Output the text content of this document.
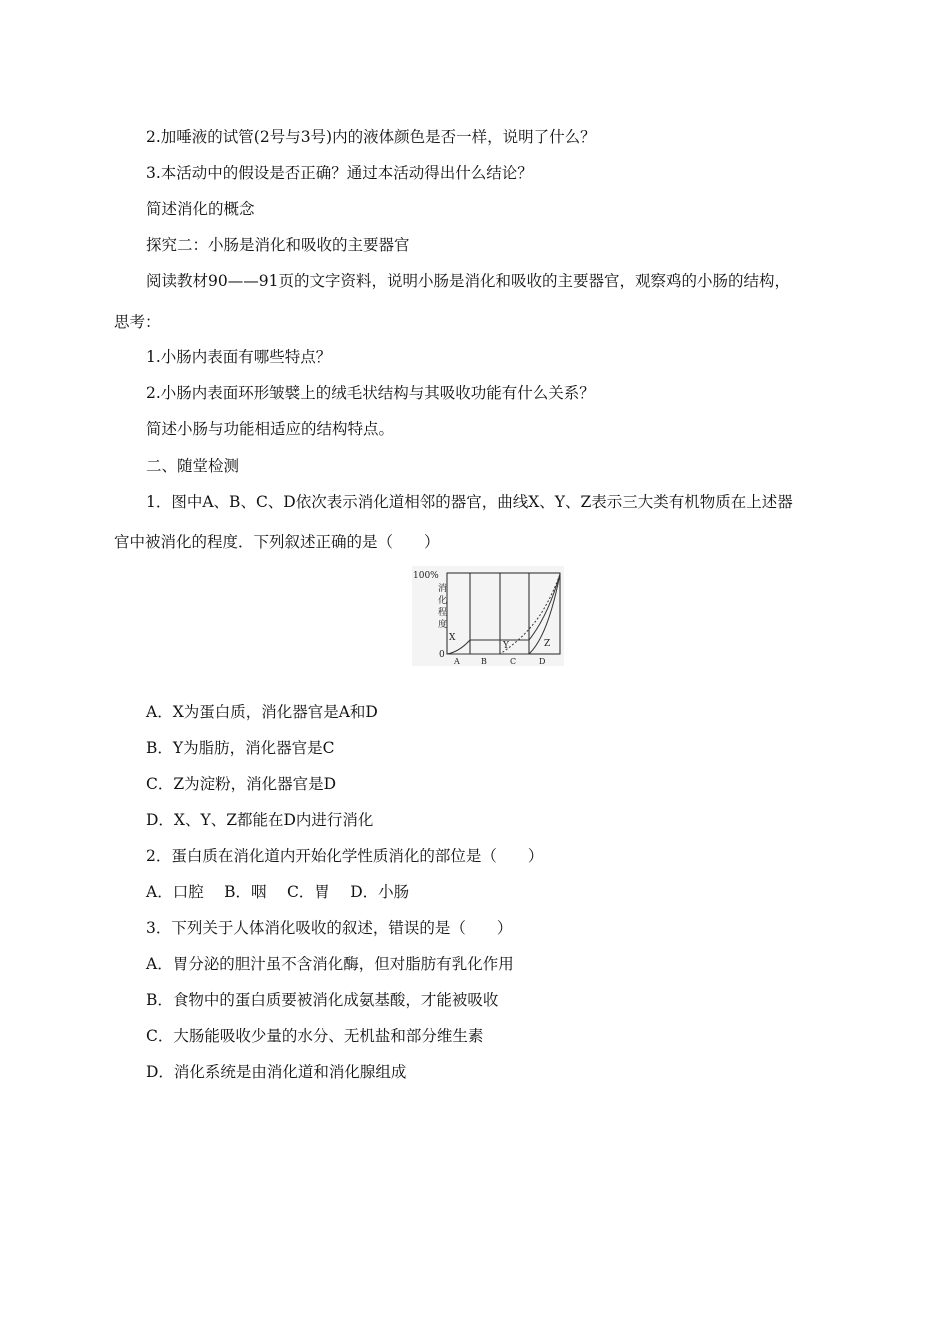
2.加唾液的试管(2号与3号)内的液体颜色是否一样，说明了什么？
3.本活动中的假设是否正确？通过本活动得出什么结论？
简述消化的概念
探究二：小肠是消化和吸收的主要器官
阅读教材90——91页的文字资料，说明小肠是消化和吸收的主要器官，观察鸡的小肠的结构，
思考：
1.小肠内表面有哪些特点？
2.小肠内表面环形皱襞上的绒毛状结构与其吸收功能有什么关系？
简述小肠与功能相适应的结构特点。
二、随堂检测
1．图中A、B、C、D依次表示消化道相邻的器官，曲线X、Y、Z表示三大类有机物质在上述器
官中被消化的程度．下列叙述正确的是（　　）
100%
消
化
程
度
0
A	B	C	D
X
Y	Z
A．X为蛋白质，消化器官是A和D
B．Y为脂肪，消化器官是C
C．Z为淀粉，消化器官是D
D．X、Y、Z都能在D内进行消化
2．蛋白质在消化道内开始化学性质消化的部位是（　　）
A．口腔　 B．咽　 C．胃　 D．小肠
3．下列关于人体消化吸收的叙述，错误的是（　　）
A．胃分泌的胆汁虽不含消化酶，但对脂肪有乳化作用
B．食物中的蛋白质要被消化成氨基酸，才能被吸收
C．大肠能吸收少量的水分、无机盐和部分维生素
D．消化系统是由消化道和消化腺组成
